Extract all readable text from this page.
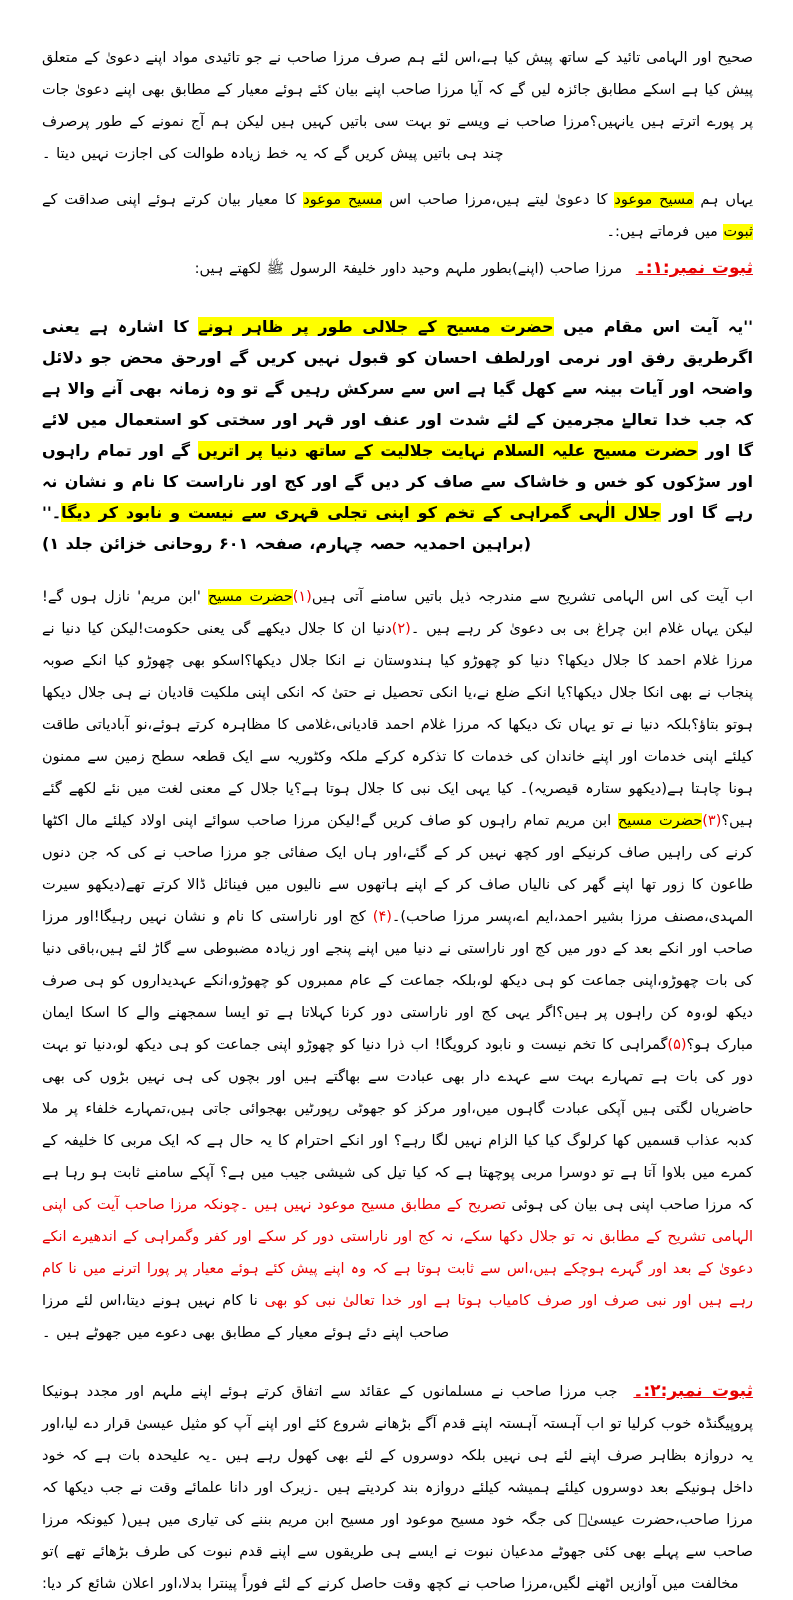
صحیح اور الہامی تائید کے ساتھ پیش کیا ہے،اس لئے ہم صرف مرزا صاحب نے جو تائیدی مواد اپنے دعویٰ کے متعلق پیش کیا ہے اسکے مطابق جائزہ لیں گے کہ آیا مرزا صاحب اپنے بیان کئے ہوئے معیار کے مطابق بھی اپنے دعویٰ جات پر پورے اترتے ہیں یانہیں؟مرزا صاحب نے ویسے تو بہت سی باتیں کہیں ہیں لیکن ہم آج نمونے کے طور پرصرف چند ہی باتیں پیش کریں گے کہ یہ خط زیادہ طوالت کی اجازت نہیں دیتا ۔

یہاں ہم مسیح موعود کا دعویٰ لیتے ہیں،مرزا صاحب اس مسیح موعود کا معیار بیان کرتے ہوئے اپنی صداقت کے ثبوت میں فرماتے ہیں:۔

ثبوت نمبر:۱:۔ مرزا صاحب (اپنے)بطور ملہم وحید داور خلیفۃ الرسول ﷺ لکھتے ہیں:

''یہ آیت اس مقام میں حضرت مسیح کے جلالی طور پر ظاہر ہونے کا اشارہ ہے یعنی اگرطریق رفق اور نرمی اورلطف احسان کو قبول نہیں کریں گے اورحق محض جو دلائل واضحہ اور آیات بینہ سے کھل گیا ہے اس سے سرکش رہیں گے تو وہ زمانہ بھی آنے والا ہے کہ جب خدا تعالےٰ مجرمین کے لئے شدت اور عنف اور قہر اور سختی کو استعمال میں لائے گا اور حضرت مسیح علیہ السلام نہایت جلالیت کے ساتھ دنیا پر اتریں گے اور تمام راہوں اور سڑکوں کو خس و خاشاک سے صاف کر دیں گے اور کج اور ناراست کا نام و نشان نہ رہے گا اور جلال الٰہی گمراہی کے تخم کو اپنی تجلی قہری سے نیست و نابود کر دیگا۔'' (براہین احمدیہ حصہ چہارم، صفحہ ۶۰۱ روحانی خزائن جلد ۱)

اب آیت کی اس الہامی تشریح سے مندرجہ ذیل باتیں سامنے آتی ہیں(۱)حضرت مسیح 'ابن مریم' نازل ہوں گے!لیکن یہاں غلام ابن چراغ بی بی دعویٰ کر رہے ہیں ۔(۲)دنیا ان کا جلال دیکھے گی یعنی حکومت!لیکن کیا دنیا نے مرزا غلام احمد کا جلال دیکھا؟ دنیا کو چھوڑو کیا ہندوستان نے انکا جلال دیکھا؟اسکو بھی چھوڑو کیا انکے صوبہ پنجاب نے بھی انکا جلال دیکھا؟یا انکے ضلع نے،یا انکی تحصیل نے حتیٰ کہ انکی اپنی ملکیت قادیان نے ہی جلال دیکھا ہوتو بتاؤ؟بلکہ دنیا نے تو یہاں تک دیکھا کہ مرزا غلام احمد قادیانی،غلامی کا مظاہرہ کرتے ہوئے،نو آبادیاتی طاقت کیلئے اپنی خدمات اور اپنے خاندان کی خدمات کا تذکرہ کرکے ملکہ وکٹوریہ سے ایک قطعہ سطح زمین سے ممنون ہونا چاہتا ہے(دیکھو ستارہ قیصریہ)۔ کیا یہی ایک نبی کا جلال ہوتا ہے؟یا جلال کے معنی لغت میں نئے لکھے گئے ہیں؟(۳)حضرت مسیح ابن مریم تمام راہوں کو صاف کریں گے!لیکن مرزا صاحب سوائے اپنی اولاد کیلئے مال اکٹھا کرنے کی راہیں صاف کرنیکے اور کچھ نہیں کر کے گئے،اور ہاں ایک صفائی جو مرزا صاحب نے کی کہ جن دنوں طاعون کا زور تھا اپنے گھر کی نالیاں صاف کر کے اپنے ہاتھوں سے نالیوں میں فینائل ڈالا کرتے تھے(دیکھو سیرت المہدی،مصنف مرزا بشیر احمد،ایم اے،پسر مرزا صاحب)۔(۴) کج اور ناراستی کا نام و نشان نہیں رہیگا!اور مرزا صاحب اور انکے بعد کے دور میں کج اور ناراستی نے دنیا میں اپنے پنجے اور زیادہ مضبوطی سے گاڑ لئے ہیں،باقی دنیا کی بات چھوڑو،اپنی جماعت کو ہی دیکھ لو،بلکہ جماعت کے عام ممبروں کو چھوڑو،انکے عہدیداروں کو ہی صرف دیکھ لو،وہ کن راہوں پر ہیں؟اگر یہی کج اور ناراستی دور کرنا کہلاتا ہے تو ایسا سمجھنے والے کا اسکا ایمان مبارک ہو؟(۵)گمراہی کا تخم نیست و نابود کرویگا! اب ذرا دنیا کو چھوڑو اپنی جماعت کو ہی دیکھ لو،دنیا تو بہت دور کی بات ہے تمہارے بہت سے عہدے دار بھی عبادت سے بھاگتے ہیں اور بچوں کی ہی نہیں بڑوں کی بھی حاضریاں لگتی ہیں آپکی عبادت گاہوں میں،اور مرکز کو جھوٹی رپورٹیں بھجوائی جاتی ہیں،تمہارے خلفاء پر ملا کدبہ عذاب قسمیں کھا کرلوگ کیا کیا الزام نہیں لگا رہے؟ اور انکے احترام کا یہ حال ہے کہ ایک مربی کا خلیفہ کے کمرے میں بلاوا آتا ہے تو دوسرا مربی پوچھتا ہے کہ کیا تیل کی شیشی جیب میں ہے؟ آپکے سامنے ثابت ہو رہا ہے کہ مرزا صاحب اپنی ہی بیان کی ہوئی تصریح کے مطابق مسیح موعود نہیں ہیں ۔چونکہ مرزا صاحب آیت کی اپنی الہامی تشریح کے مطابق نہ تو جلال دکھا سکے، نہ کج اور ناراستی دور کر سکے اور کفر وگمراہی کے اندھیرے انکے دعویٰ کے بعد اور گہرے ہوچکے ہیں،اس سے ثابت ہوتا ہے کہ وہ اپنے پیش کئے ہوئے معیار پر پورا اترنے میں نا کام رہے ہیں اور نبی صرف اور صرف کامیاب ہوتا ہے اور خدا تعالیٰ نبی کو بھی نا کام نہیں ہونے دیتا،اس لئے مرزا صاحب اپنے دئے ہوئے معیار کے مطابق بھی دعوے میں جھوٹے ہیں ۔

ثبوت نمبر:۲:۔ جب مرزا صاحب نے مسلمانوں کے عقائد سے اتفاق کرتے ہوئے اپنے ملہم اور مجدد ہونیکا پروپیگنڈہ خوب کرلیا تو اب آہستہ آہستہ اپنے قدم آگے بڑھانے شروع کئے اور اپنے آپ کو مثیل عیسیٰ قرار دے لیا،اور یہ دروازہ بظاہر صرف اپنے لئے ہی نہیں بلکہ دوسروں کے لئے بھی کھول رہے ہیں ۔یہ علیحدہ بات ہے کہ خود داخل ہونیکے بعد دوسروں کیلئے ہمیشہ کیلئے دروازہ بند کردیتے ہیں ۔زیرک اور دانا علمائے وقت نے جب دیکھا کہ مرزا صاحب،حضرت عیسیٰؑ کی جگہ خود مسیح موعود اور مسیح ابن مریم بننے کی تیاری میں ہیں( کیونکہ مرزا صاحب سے پہلے بھی کئی جھوٹے مدعیان نبوت نے ایسے ہی طریقوں سے اپنے قدم نبوت کی طرف بڑھائے تھے )تو مخالفت میں آوازیں اٹھنے لگیں،مرزا صاحب نے کچھ وقت حاصل کرنے کے لئے فوراً پینترا بدلا،اور اعلان شائع کر دیا:
